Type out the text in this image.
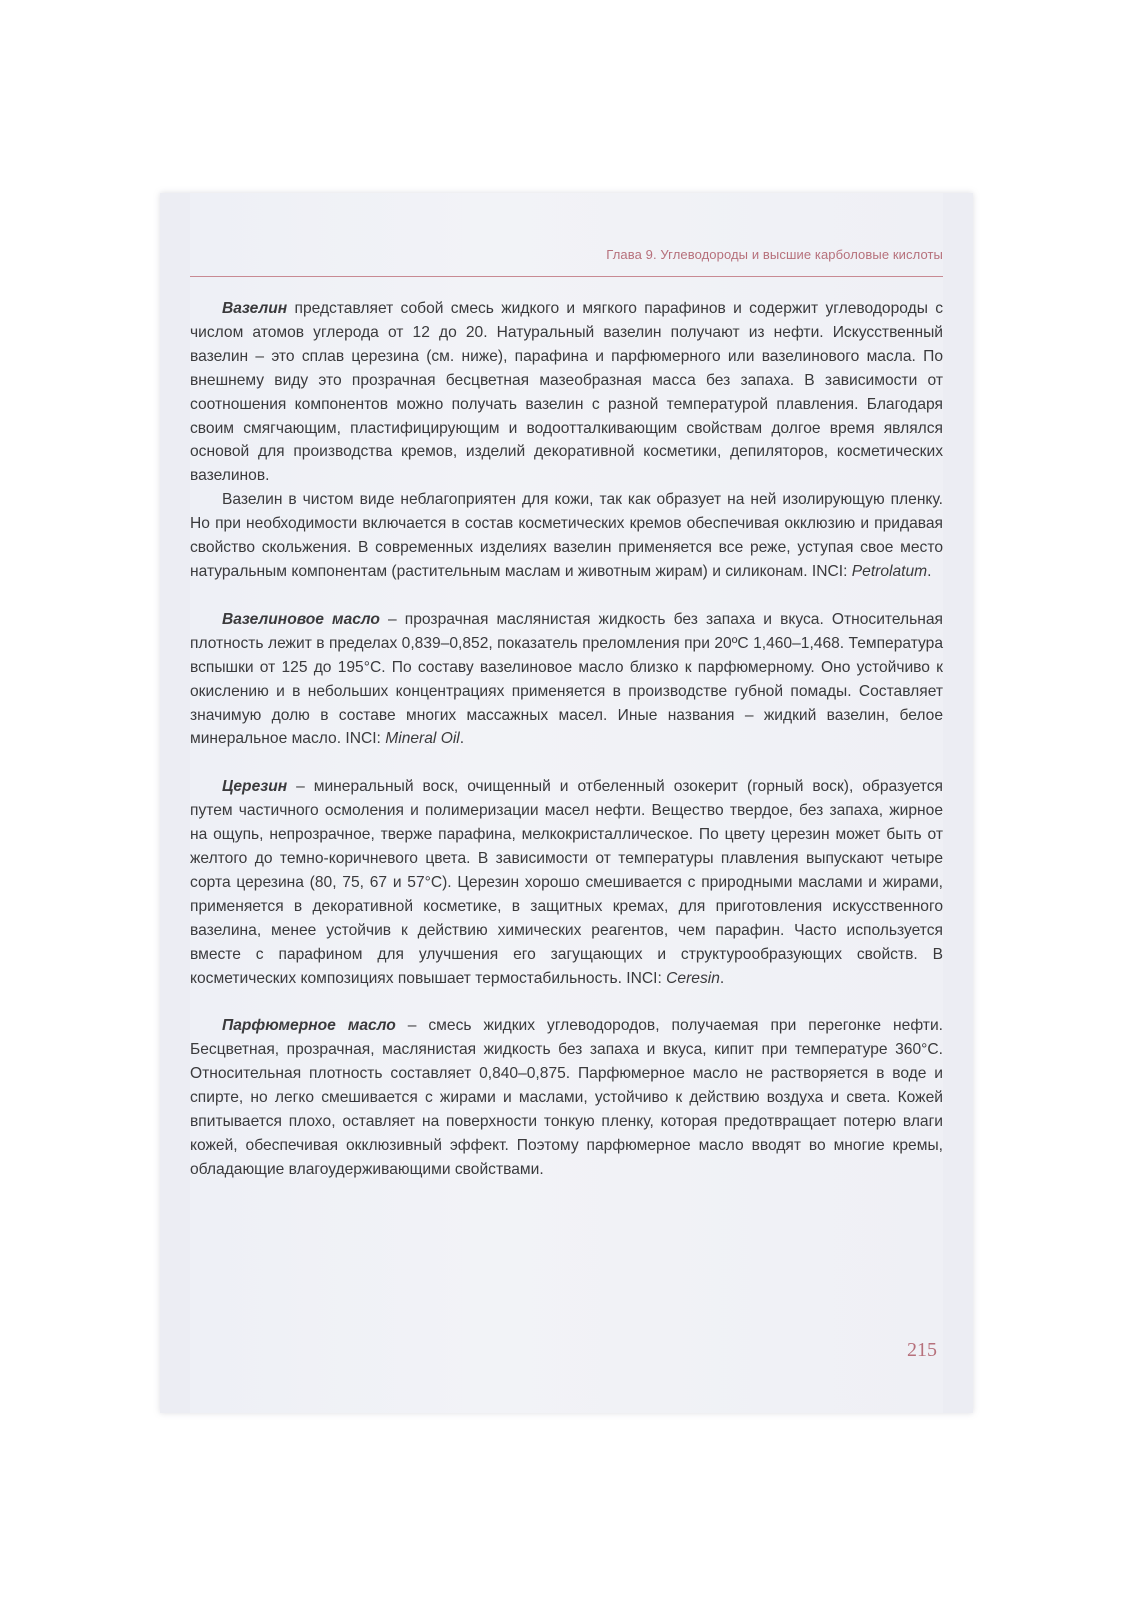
Глава 9. Углеводороды и высшие карболовые кислоты

Вазелин представляет собой смесь жидкого и мягкого парафинов и содержит углеводороды с числом атомов углерода от 12 до 20. Натуральный вазелин получают из нефти. Искусственный вазелин – это сплав церезина (см. ниже), парафина и парфюмерного или вазелинового масла. По внешнему виду это прозрачная бесцветная мазеобразная масса без запаха. В зависимости от соотношения компонентов можно получать вазелин с разной температурой плавления. Благодаря своим смягчающим, пластифицирующим и водоотталкивающим свойствам долгое время являлся основой для производства кремов, изделий декоративной косметики, депиляторов, косметических вазелинов.

Вазелин в чистом виде неблагоприятен для кожи, так как образует на ней изолирующую пленку. Но при необходимости включается в состав косметических кремов обеспечивая окклюзию и придавая свойство скольжения. В современных изделиях вазелин применяется все реже, уступая свое место натуральным компонентам (растительным маслам и животным жирам) и силиконам. INCI: Petrolatum.

Вазелиновое масло – прозрачная маслянистая жидкость без запаха и вкуса. Относительная плотность лежит в пределах 0,839–0,852, показатель преломления при 20ºС 1,460–1,468. Температура вспышки от 125 до 195°С. По составу вазелиновое масло близко к парфюмерному. Оно устойчиво к окислению и в небольших концентрациях применяется в производстве губной помады. Составляет значимую долю в составе многих массажных масел. Иные названия – жидкий вазелин, белое минеральное масло. INCI: Mineral Oil.

Церезин – минеральный воск, очищенный и отбеленный озокерит (горный воск), образуется путем частичного осмоления и полимеризации масел нефти. Вещество твердое, без запаха, жирное на ощупь, непрозрачное, тверже парафина, мелкокристаллическое. По цвету церезин может быть от желтого до темно-коричневого цвета. В зависимости от температуры плавления выпускают четыре сорта церезина (80, 75, 67 и 57°С). Церезин хорошо смешивается с природными маслами и жирами, применяется в декоративной косметике, в защитных кремах, для приготовления искусственного вазелина, менее устойчив к действию химических реагентов, чем парафин. Часто используется вместе с парафином для улучшения его загущающих и структурообразующих свойств. В косметических композициях повышает термостабильность. INCI: Ceresin.

Парфюмерное масло – смесь жидких углеводородов, получаемая при перегонке нефти. Бесцветная, прозрачная, маслянистая жидкость без запаха и вкуса, кипит при температуре 360°С. Относительная плотность составляет 0,840–0,875. Парфюмерное масло не растворяется в воде и спирте, но легко смешивается с жирами и маслами, устойчиво к действию воздуха и света. Кожей впитывается плохо, оставляет на поверхности тонкую пленку, которая предотвращает потерю влаги кожей, обеспечивая окклюзивный эффект. Поэтому парфюмерное масло вводят во многие кремы, обладающие влагоудерживающими свойствами.

215
